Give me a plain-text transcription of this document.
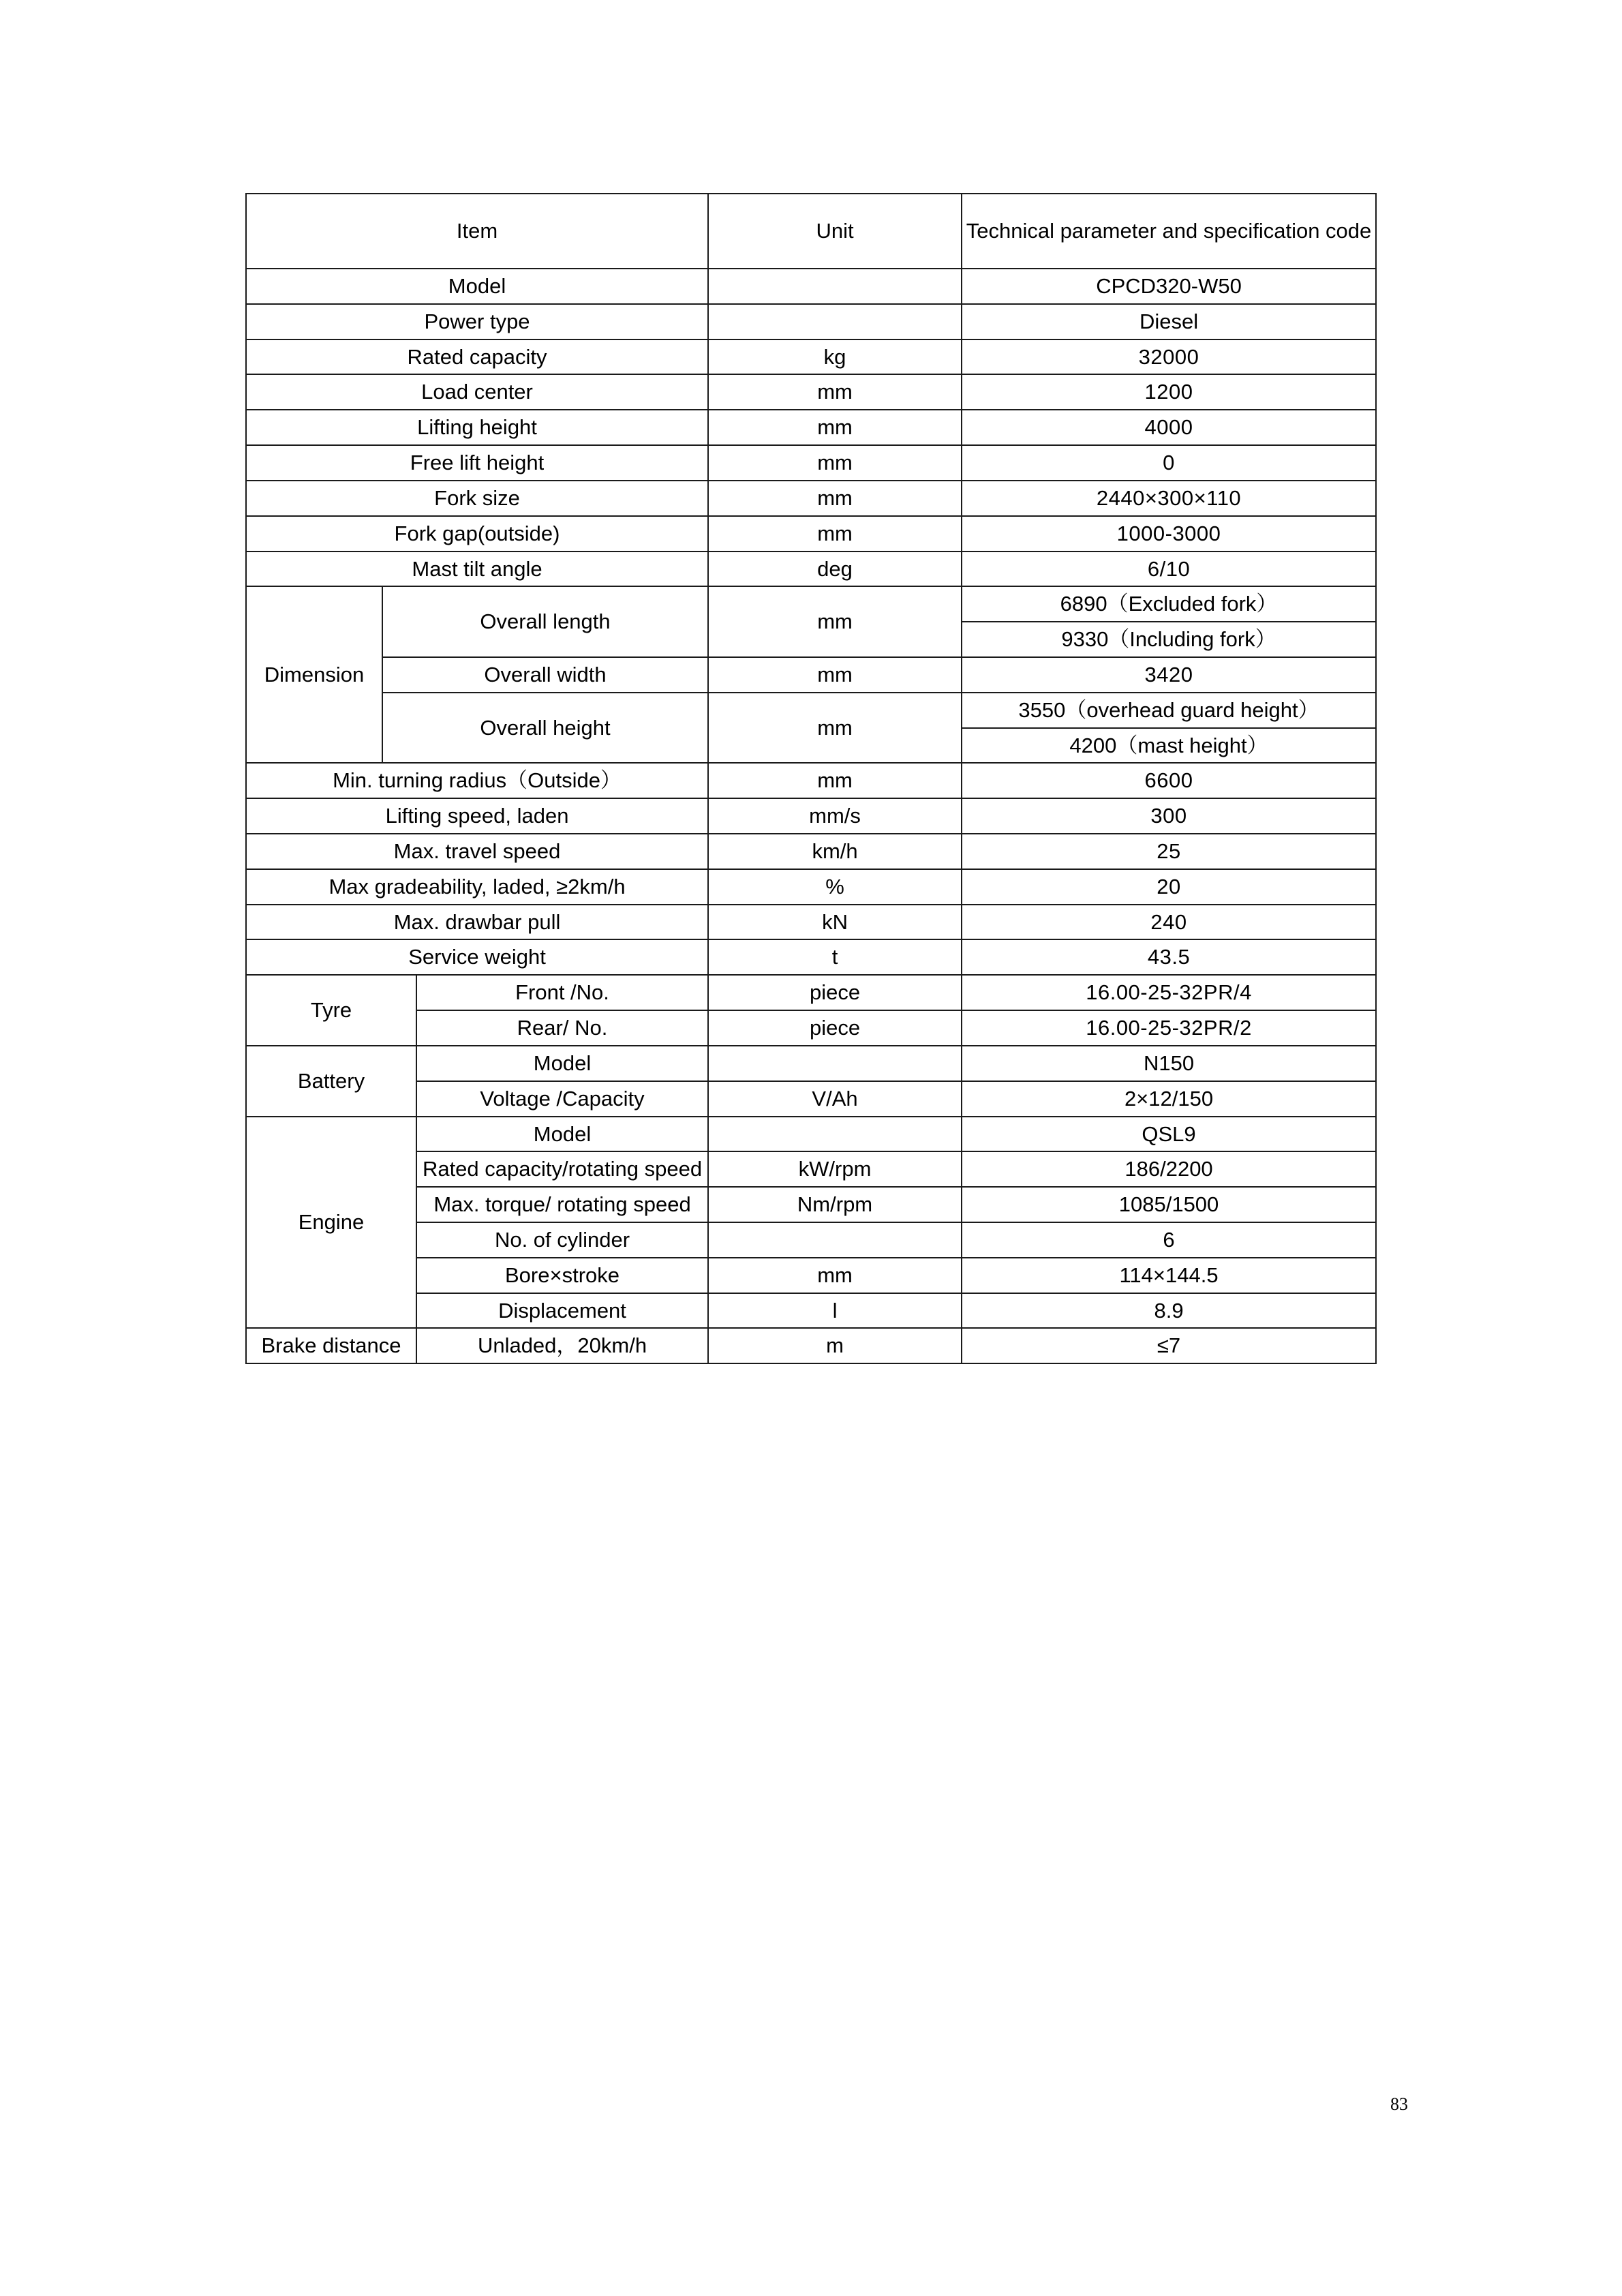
Item			Unit	Technical parameter and specification code
Model				CPCD320-W50
Power type				Diesel
Rated capacity			kg	32000
Load center			mm	1200
Lifting height			mm	4000
Free lift height			mm	0
Fork size			mm	2440×300×110
Fork gap(outside)			mm	1000-3000
Mast tilt angle			deg	6/10
Dimension	Overall length		mm	6890（Excluded fork）
				9330（Including fork）
	Overall width		mm	3420
	Overall height		mm	3550（overhead guard height）
				4200（mast height）
Min. turning radius（Outside）			mm	6600
Lifting speed, laden			mm/s	300
Max. travel speed			km/h	25
Max gradeability, laded, ≥2km/h			%	20
Max. drawbar pull			kN	240
Service weight			t	43.5
Tyre		Front /No.	piece	16.00-25-32PR/4
		Rear/ No.	piece	16.00-25-32PR/2
Battery		Model		N150
		Voltage /Capacity	V/Ah	2×12/150
Engine		Model		QSL9
		Rated capacity/rotating speed	kW/rpm	186/2200
		Max. torque/ rotating speed	Nm/rpm	1085/1500
		No. of cylinder		6
		Bore×stroke	mm	114×144.5
		Displacement	l	8.9
Brake distance		Unladed，20km/h	m	≤7
83
